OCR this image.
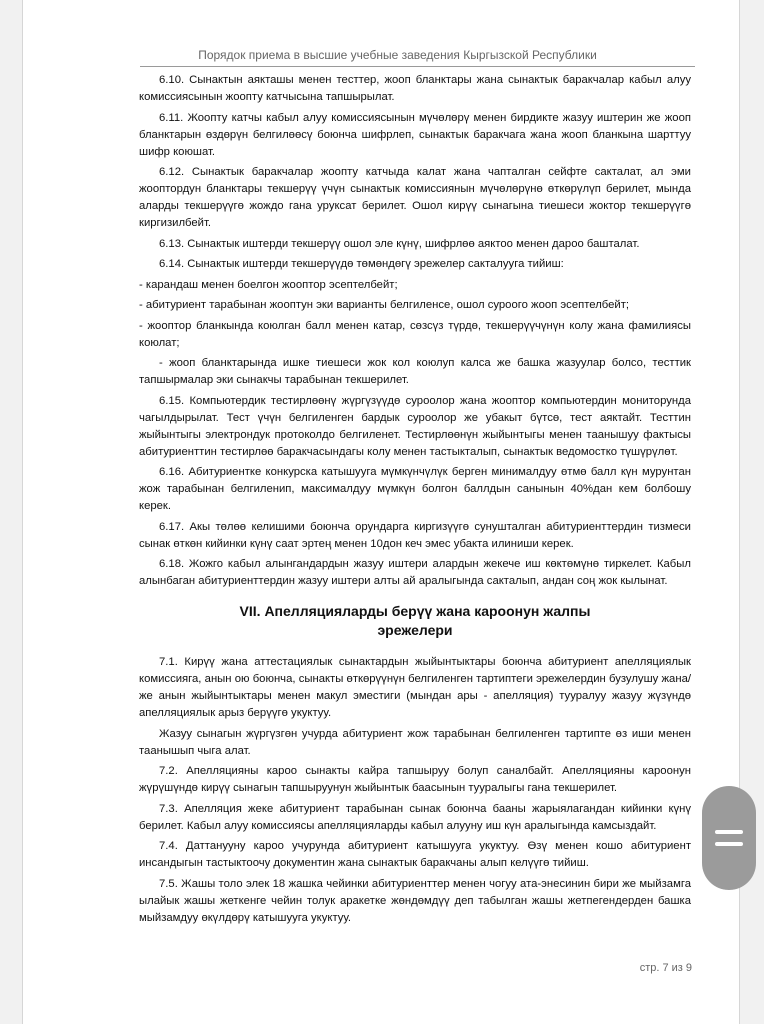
Порядок приема в высшие учебные заведения Кыргызской Республики

6.10. Сынактын аякташы менен тесттер, жооп бланктары жана сынактык баракчалар кабыл алуу комиссиясынын жоопту катчысына тапшырылат.

6.11. Жоопту катчы кабыл алуу комиссиясынын мүчөлөрү менен бирдикте жазуу иштерин же жооп бланктарын өздөрүн белгилөөсү боюнча шифрлеп, сынактык баракчага жана жооп бланкына шарттуу шифр коюшат.

6.12. Сынактык баракчалар жоопту катчыда калат жана чапталган сейфте сакталат, ал эми жооптордун бланктары текшерүү үчүн сынактык комиссиянын мүчөлөрүнө өткөрүлүп берилет, мында аларды текшерүүгө жождо гана уруксат берилет. Ошол кирүү сынагына тиешеси жоктор текшерүүгө киргизилбейт.

6.13. Сынактык иштерди текшерүү ошол эле күнү, шифрлөө аяктоо менен дароо башталат.

6.14. Сынактык иштерди текшерүүдө төмөндөгү эрежелер сакталууга тийиш:

- карандаш менен боелгон жооптор эсептелбейт;

- абитуриент тарабынан жооптун эки варианты белгиленсе, ошол суроого жооп эсептелбейт;

- жооптор бланкында коюлган балл менен катар, сөзсүз түрдө, текшерүүчүнүн колу жана фамилиясы коюлат;

- жооп бланктарында ишке тиешеси жок кол коюлуп калса же башка жазуулар болсо, тесттик тапшырмалар эки сынакчы тарабынан текшерилет.

6.15. Компьютердик тестирлөөнү жүргүзүүдө суроолор жана жооптор компьютердин мониторунда чагылдырылат. Тест үчүн белгиленген бардык суроолор же убакыт бүтсө, тест аяктайт. Тесттин жыйынтыгы электрондук протоколдо белгиленет. Тестирлөөнүн жыйынтыгы менен таанышуу фактысы абитуриенттин тестирлөө баракчасындагы колу менен тастыкталып, сынактык ведомостко түшүрүлөт.

6.16. Абитуриентке конкурска катышууга мүмкүнчүлүк берген минималдуу өтмө балл күн мурунтан жож тарабынан белгиленип, максималдуу мүмкүн болгон баллдын санынын 40%дан кем болбошу керек.

6.17. Акы төлөө келишими боюнча орундарга киргизүүгө сунушталган абитуриенттердин тизмеси сынак өткөн кийинки күнү саат эртең менен 10дон кеч эмес убакта илиниши керек.

6.18. Жожго кабыл алынгандардын жазуу иштери алардын жекече иш көктөмүнө тиркелет. Кабыл алынбаган абитуриенттердин жазуу иштери алты ай аралыгында сакталып, андан соң жок кылынат.

VII. Апелляцияларды берүү жана кароонун жалпы
эрежелери

7.1. Кирүү жана аттестациялык сынактардын жыйынтыктары боюнча абитуриент апелляциялык комиссияга, анын ою боюнча, сынакты өткөрүүнүн белгиленген тартиптеги эрежелердин бузулушу жана/же анын жыйынтыктары менен макул эместиги (мындан ары - апелляция) тууралуу жазуу жүзүндө апелляциялык арыз берүүгө укуктуу.

Жазуу сынагын жүргүзгөн учурда абитуриент жож тарабынан белгиленген тартипте өз иши менен таанышып чыга алат.

7.2. Апелляцияны кароо сынакты кайра тапшыруу болуп саналбайт. Апелляцияны кароонун жүрүшүндө кирүү сынагын тапшыруунун жыйынтык баасынын тууралыгы гана текшерилет.

7.3. Апелляция жеке абитуриент тарабынан сынак боюнча бааны жарыялагандан кийинки күнү берилет. Кабыл алуу комиссиясы апелляцияларды кабыл алууну иш күн аралыгында камсыздайт.

7.4. Даттанууну кароо учурунда абитуриент катышууга укуктуу. Өзү менен кошо абитуриент инсандыгын тастыктоочу документин жана сынактык баракчаны алып келүүгө тийиш.

7.5. Жашы толо элек 18 жашка чейинки абитуриенттер менен чогуу ата-энесинин бири же мыйзамга ылайык жашы жеткенге чейин толук аракетке жөндөмдүү деп табылган жашы жетпегендерден башка мыйзамдуу өкүлдөрү катышууга укуктуу.

стр. 7 из 9
